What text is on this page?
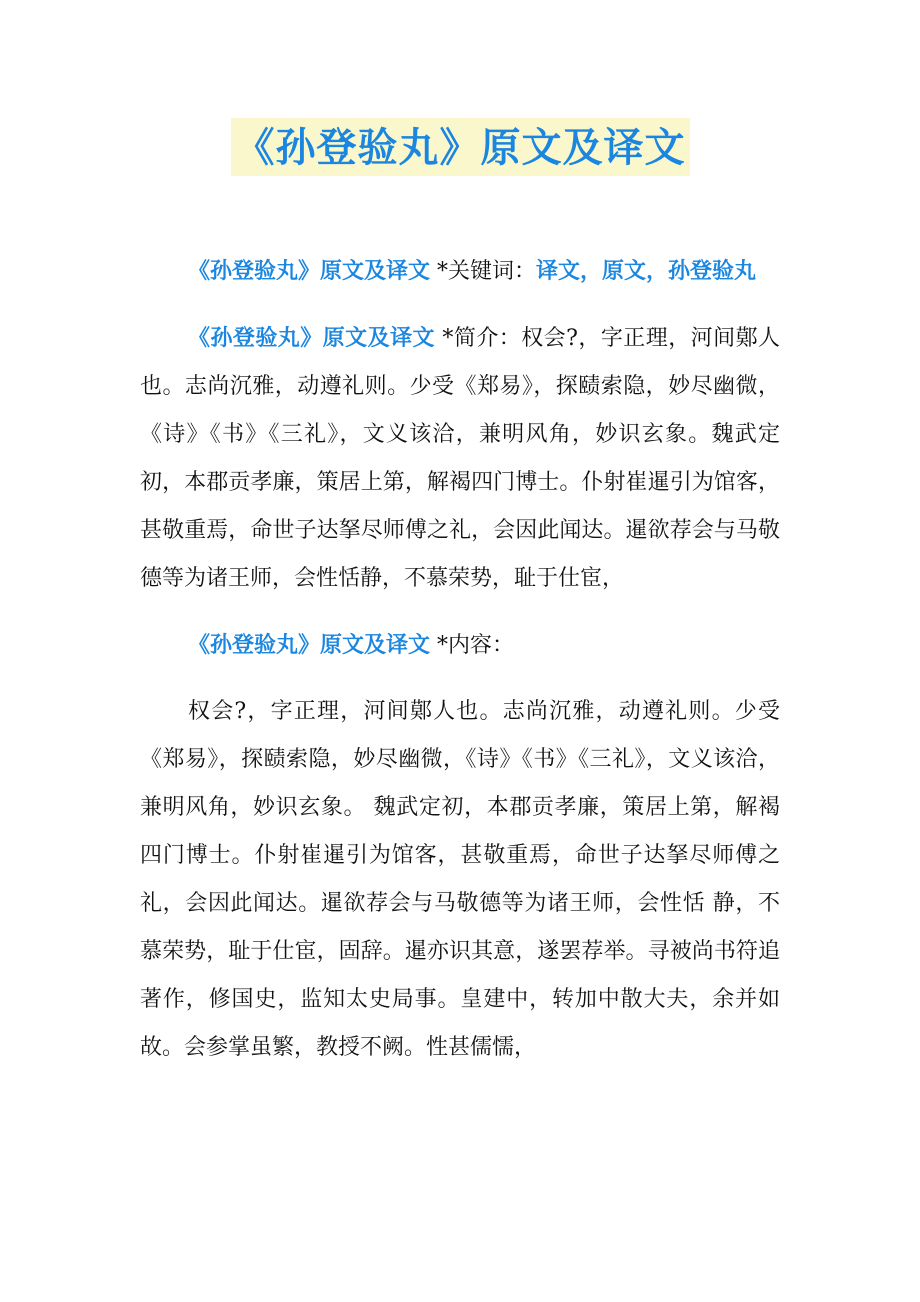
《孙登验丸》原文及译文

《孙登验丸》原文及译文 *关键词：译文，原文，孙登验丸

《孙登验丸》原文及译文 *简介：权会?，字正理，河间鄚人也。志尚沉雅，动遵礼则。少受《郑易》，探赜索隐，妙尽幽微，《诗》《书》《三礼》，文义该洽，兼明风角，妙识玄象。魏武定初，本郡贡孝廉，策居上第，解褐四门博士。仆射崔暹引为馆客，甚敬重焉，命世子达拏尽师傅之礼，会因此闻达。暹欲荐会与马敬德等为诸王师，会性恬静，不慕荣势，耻于仕宦，

《孙登验丸》原文及译文 *内容：

权会?，字正理，河间鄚人也。志尚沉雅，动遵礼则。少受《郑易》，探赜索隐，妙尽幽微，《诗》《书》《三礼》，文义该洽，兼明风角，妙识玄象。 魏武定初，本郡贡孝廉，策居上第，解褐四门博士。仆射崔暹引为馆客，甚敬重焉，命世子达拏尽师傅之礼，会因此闻达。暹欲荐会与马敬德等为诸王师，会性恬 静，不慕荣势，耻于仕宦，固辞。暹亦识其意，遂罢荐举。寻被尚书符追著作，修国史，监知太史局事。皇建中，转加中散大夫，余并如故。会参掌虽繁，教授不阙。性甚儒懦，
